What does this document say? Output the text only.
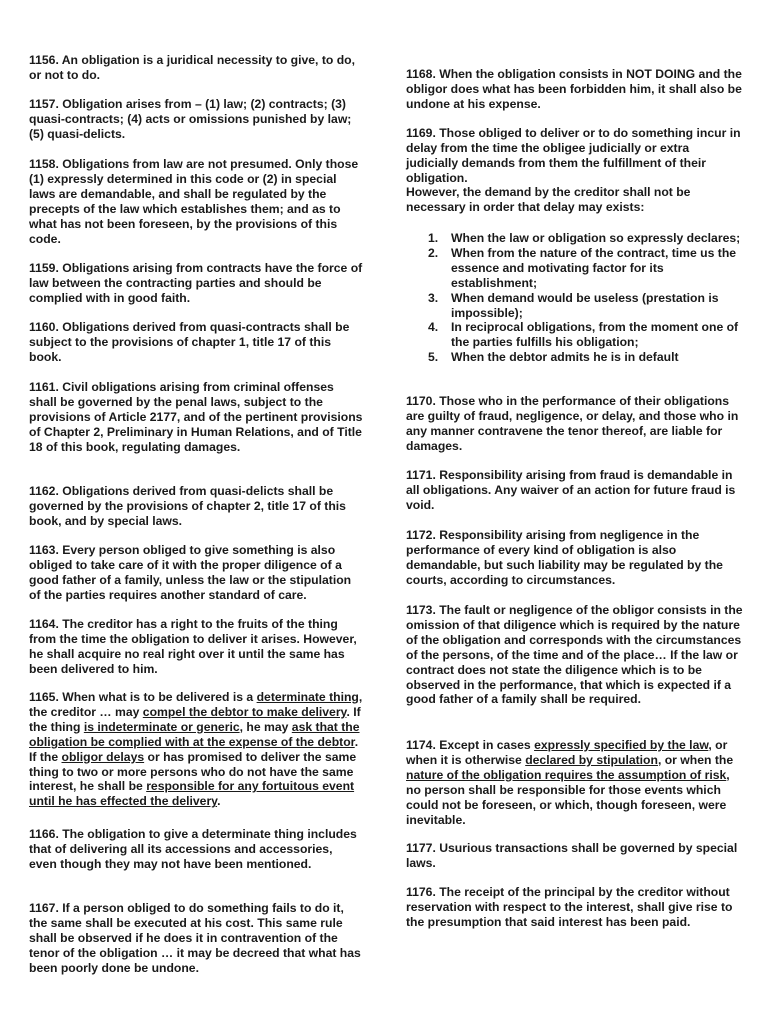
1156. An obligation is a juridical necessity to give, to do, or not to do.

1157. Obligation arises from – (1) law; (2) contracts; (3) quasi-contracts; (4) acts or omissions punished by law; (5) quasi-delicts.

1158. Obligations from law are not presumed. Only those (1) expressly determined in this code or (2) in special laws are demandable, and shall be regulated by the precepts of the law which establishes them; and as to what has not been foreseen, by the provisions of this code.

1159. Obligations arising from contracts have the force of law between the contracting parties and should be complied with in good faith.

1160. Obligations derived from quasi-contracts shall be subject to the provisions of chapter 1, title 17 of this book.

1161. Civil obligations arising from criminal offenses shall be governed by the penal laws, subject to the provisions of Article 2177, and of the pertinent provisions of Chapter 2, Preliminary in Human Relations, and of Title 18 of this book, regulating damages.

1162. Obligations derived from quasi-delicts shall be governed by the provisions of chapter 2, title 17 of this book, and by special laws.

1163. Every person obliged to give something is also obliged to take care of it with the proper diligence of a good father of a family, unless the law or the stipulation of the parties requires another standard of care.

1164. The creditor has a right to the fruits of the thing from the time the obligation to deliver it arises. However, he shall acquire no real right over it until the same has been delivered to him.

1165. When what is to be delivered is a determinate thing, the creditor … may compel the debtor to make delivery. If the thing is indeterminate or generic, he may ask that the obligation be complied with at the expense of the debtor. If the obligor delays or has promised to deliver the same thing to two or more persons who do not have the same interest, he shall be responsible for any fortuitous event until he has effected the delivery.

1166. The obligation to give a determinate thing includes that of delivering all its accessions and accessories, even though they may not have been mentioned.

1167. If a person obliged to do something fails to do it, the same shall be executed at his cost. This same rule shall be observed if he does it in contravention of the tenor of the obligation … it may be decreed that what has been poorly done be undone.

1168. When the obligation consists in NOT DOING and the obligor does what has been forbidden him, it shall also be undone at his expense.

1169. Those obliged to deliver or to do something incur in delay from the time the obligee judicially or extra judicially demands from them the fulfillment of their obligation.

However, the demand by the creditor shall not be necessary in order that delay may exists:

1. When the law or obligation so expressly declares;
2. When from the nature of the contract, time us the essence and motivating factor for its establishment;
3. When demand would be useless (prestation is impossible);
4. In reciprocal obligations, from the moment one of the parties fulfills his obligation;
5. When the debtor admits he is in default

1170. Those who in the performance of their obligations are guilty of fraud, negligence, or delay, and those who in any manner contravene the tenor thereof, are liable for damages.

1171. Responsibility arising from fraud is demandable in all obligations. Any waiver of an action for future fraud is void.

1172. Responsibility arising from negligence in the performance of every kind of obligation is also demandable, but such liability may be regulated by the courts, according to circumstances.

1173. The fault or negligence of the obligor consists in the omission of that diligence which is required by the nature of the obligation and corresponds with the circumstances of the persons, of the time and of the place… If the law or contract does not state the diligence which is to be observed in the performance, that which is expected if a good father of a family shall be required.

1174. Except in cases expressly specified by the law, or when it is otherwise declared by stipulation, or when the nature of the obligation requires the assumption of risk, no person shall be responsible for those events which could not be foreseen, or which, though foreseen, were inevitable.

1177. Usurious transactions shall be governed by special laws.

1176. The receipt of the principal by the creditor without reservation with respect to the interest, shall give rise to the presumption that said interest has been paid.
